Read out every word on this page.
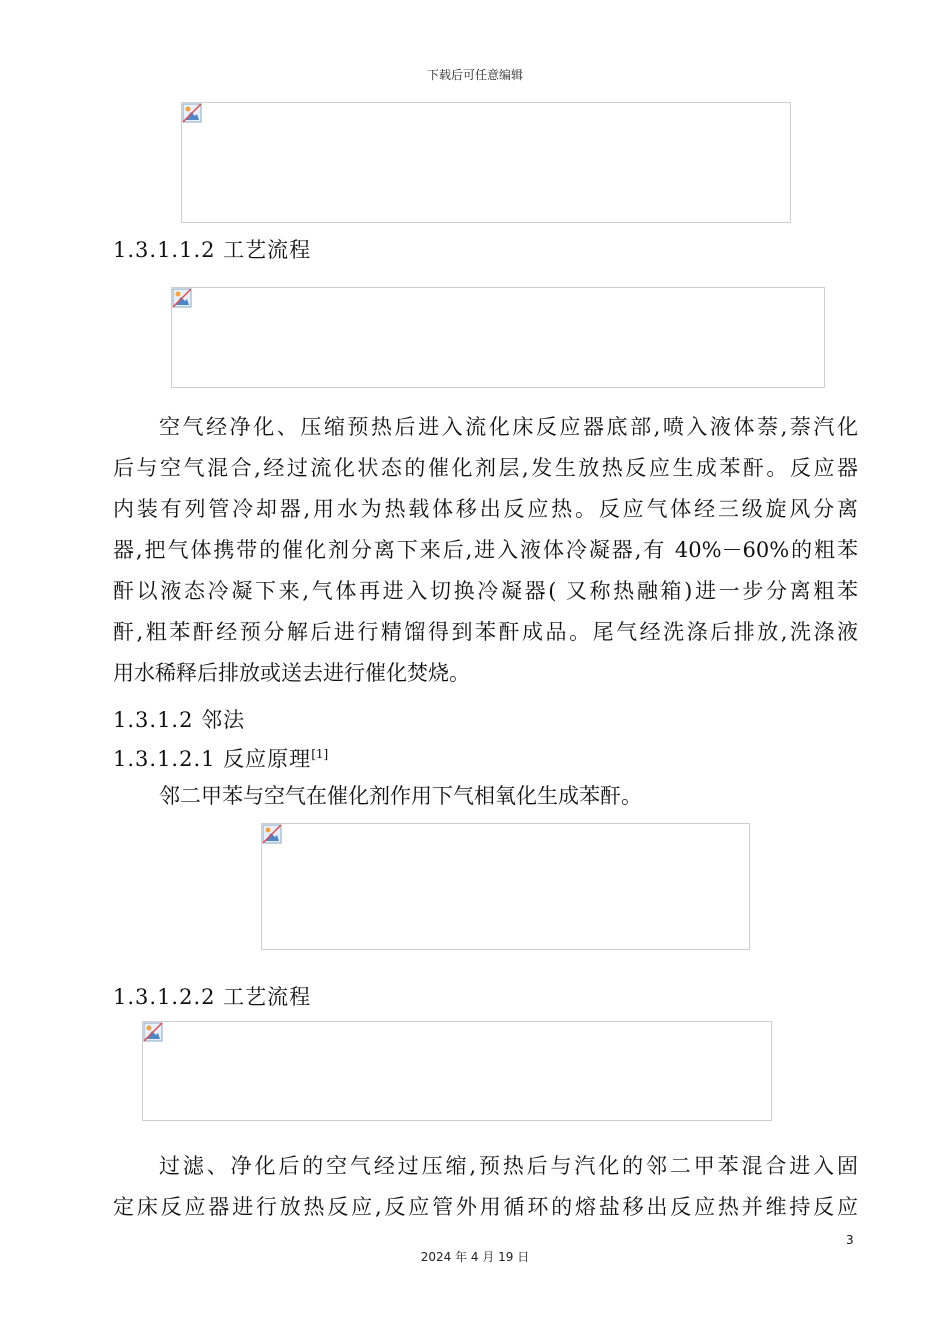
下载后可任意编辑
1.3.1.1.2 工艺流程
空气经净化、压缩预热后进入流化床反应器底部,喷入液体萘,萘汽化
后与空气混合,经过流化状态的催化剂层,发生放热反应生成苯酐。反应器
内装有列管冷却器,用水为热载体移出反应热。反应气体经三级旋风分离
器,把气体携带的催化剂分离下来后,进入液体冷凝器,有 40%－60%的粗苯
酐以液态冷凝下来,气体再进入切换冷凝器( 又称热融箱)进一步分离粗苯
酐,粗苯酐经预分解后进行精馏得到苯酐成品。尾气经洗涤后排放,洗涤液
用水稀释后排放或送去进行催化焚烧。
1.3.1.2 邻法
1.3.1.2.1 反应原理[1]
邻二甲苯与空气在催化剂作用下气相氧化生成苯酐。
1.3.1.2.2 工艺流程
过滤、净化后的空气经过压缩,预热后与汽化的邻二甲苯混合进入固
定床反应器进行放热反应,反应管外用循环的熔盐移出反应热并维持反应
3
2024 年 4 月 19 日
